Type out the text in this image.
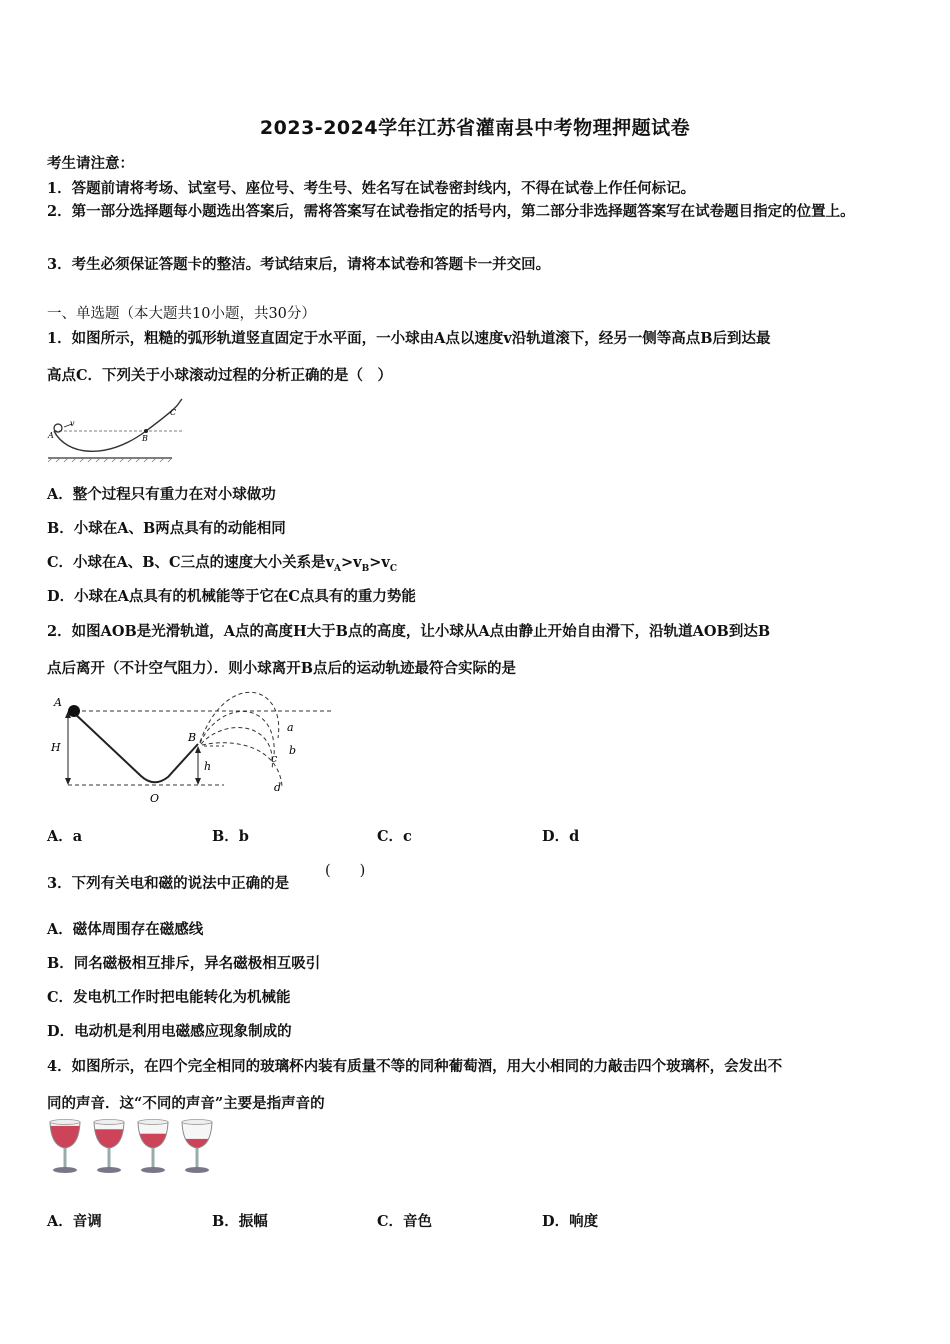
2023-2024学年江苏省灌南县中考物理押题试卷
考生请注意：
1．答题前请将考场、试室号、座位号、考生号、姓名写在试卷密封线内，不得在试卷上作任何标记。
2．第一部分选择题每小题选出答案后，需将答案写在试卷指定的括号内，第二部分非选择题答案写在试卷题目指定的位置上。
3．考生必须保证答题卡的整洁。考试结束后，请将本试卷和答题卡一并交回。
一、单选题（本大题共10小题，共30分）
1．如图所示，粗糙的弧形轨道竖直固定于水平面，一小球由A点以速度v沿轨道滚下，经另一侧等高点B后到达最
高点C．下列关于小球滚动过程的分析正确的是（　）
A
v
B
C
A．整个过程只有重力在对小球做功
B．小球在A、B两点具有的动能相同
C．小球在A、B、C三点的速度大小关系是$v_A>v_B>v_C$
D．小球在A点具有的机械能等于它在C点具有的重力势能
2．如图AOB是光滑轨道，A点的高度H大于B点的高度，让小球从A点由静止开始自由滑下，沿轨道AOB到达B
点后离开（不计空气阻力）．则小球离开B点后的运动轨迹最符合实际的是
A
H
B
h
O
a
b
c
d
A．a	B．b	C．c	D．d
3．下列有关电和磁的说法中正确的是
(　　)
A．磁体周围存在磁感线
B．同名磁极相互排斥，异名磁极相互吸引
C．发电机工作时把电能转化为机械能
D．电动机是利用电磁感应现象制成的
4．如图所示，在四个完全相同的玻璃杯内装有质量不等的同种葡萄酒，用大小相同的力敲击四个玻璃杯，会发出不
同的声音．这“不同的声音”主要是指声音的
A．音调	B．振幅	C．音色	D．响度
